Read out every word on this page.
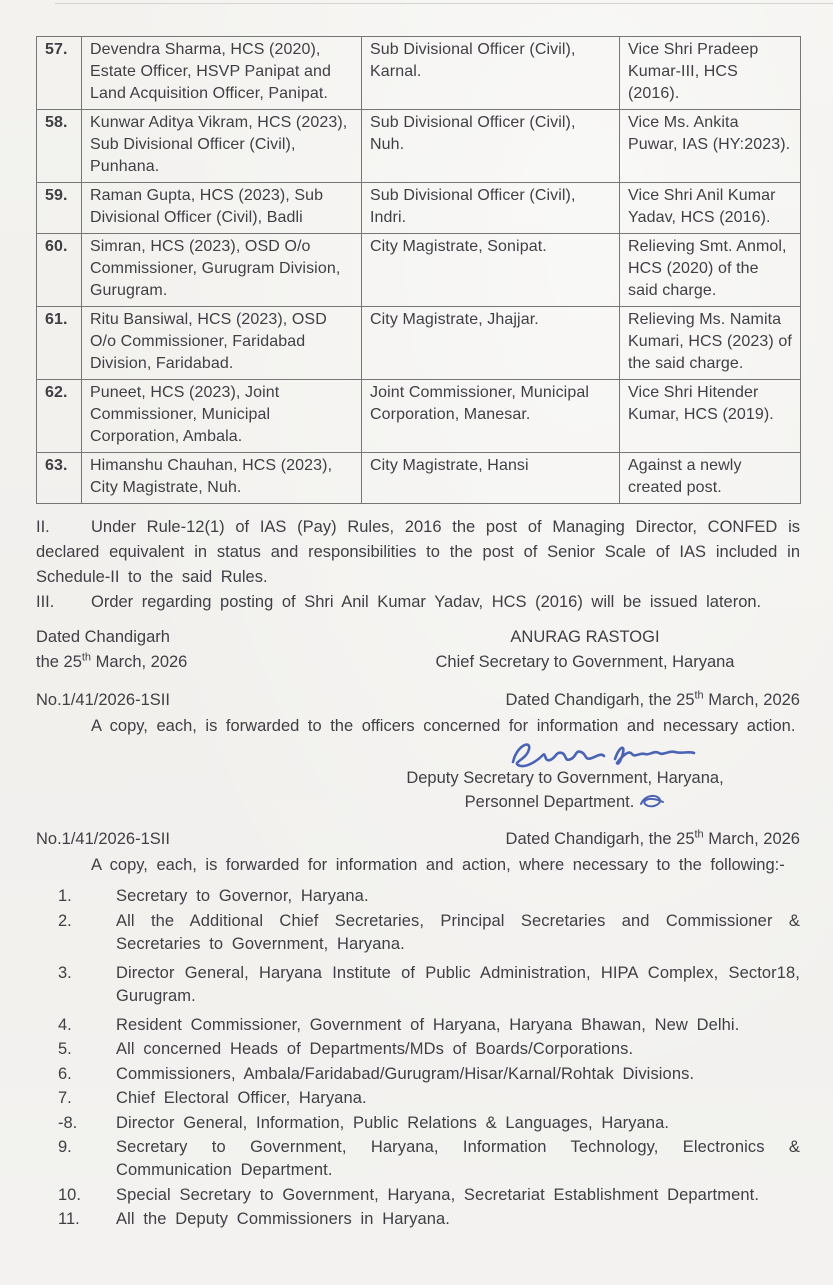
57.	Devendra Sharma, HCS (2020), Estate Officer, HSVP Panipat and Land Acquisition Officer, Panipat.	Sub Divisional Officer (Civil), Karnal.	Vice Shri Pradeep Kumar-III, HCS (2016).
58.	Kunwar Aditya Vikram, HCS (2023), Sub Divisional Officer (Civil), Punhana.	Sub Divisional Officer (Civil), Nuh.	Vice Ms. Ankita Puwar, IAS (HY:2023).
59.	Raman Gupta, HCS (2023), Sub Divisional Officer (Civil), Badli	Sub Divisional Officer (Civil), Indri.	Vice Shri Anil Kumar Yadav, HCS (2016).
60.	Simran, HCS (2023), OSD O/o Commissioner, Gurugram Division, Gurugram.	City Magistrate, Sonipat.	Relieving Smt. Anmol, HCS (2020) of the said charge.
61.	Ritu Bansiwal, HCS (2023), OSD O/o Commissioner, Faridabad Division, Faridabad.	City Magistrate, Jhajjar.	Relieving Ms. Namita Kumari, HCS (2023) of the said charge.
62.	Puneet, HCS (2023), Joint Commissioner, Municipal Corporation, Ambala.	Joint Commissioner, Municipal Corporation, Manesar.	Vice Shri Hitender Kumar, HCS (2019).
63.	Himanshu Chauhan, HCS (2023), City Magistrate, Nuh.	City Magistrate, Hansi	Against a newly created post.

II. Under Rule-12(1) of IAS (Pay) Rules, 2016 the post of Managing Director, CONFED is declared equivalent in status and responsibilities to the post of Senior Scale of IAS included in Schedule-II to the said Rules.

III. Order regarding posting of Shri Anil Kumar Yadav, HCS (2016) will be issued lateron.

Dated Chandigarh
the 25th March, 2026
ANURAG RASTOGI
Chief Secretary to Government, Haryana
No.1/41/2026-1SII	Dated Chandigarh, the 25th March, 2026

A copy, each, is forwarded to the officers concerned for information and necessary action.

Deputy Secretary to Government, Haryana,
Personnel Department.
No.1/41/2026-1SII	Dated Chandigarh, the 25th March, 2026

A copy, each, is forwarded for information and action, where necessary to the following:-

1.	Secretary to Governor, Haryana.
2.	All the Additional Chief Secretaries, Principal Secretaries and Commissioner & Secretaries to Government, Haryana.
3.	Director General, Haryana Institute of Public Administration, HIPA Complex, Sector18, Gurugram.
4.	Resident Commissioner, Government of Haryana, Haryana Bhawan, New Delhi.
5.	All concerned Heads of Departments/MDs of Boards/Corporations.
6.	Commissioners, Ambala/Faridabad/Gurugram/Hisar/Karnal/Rohtak Divisions.
7.	Chief Electoral Officer, Haryana.
-8.	Director General, Information, Public Relations & Languages, Haryana.
9.	Secretary to Government, Haryana, Information Technology, Electronics & Communication Department.
10.	Special Secretary to Government, Haryana, Secretariat Establishment Department.
11.	All the Deputy Commissioners in Haryana.
